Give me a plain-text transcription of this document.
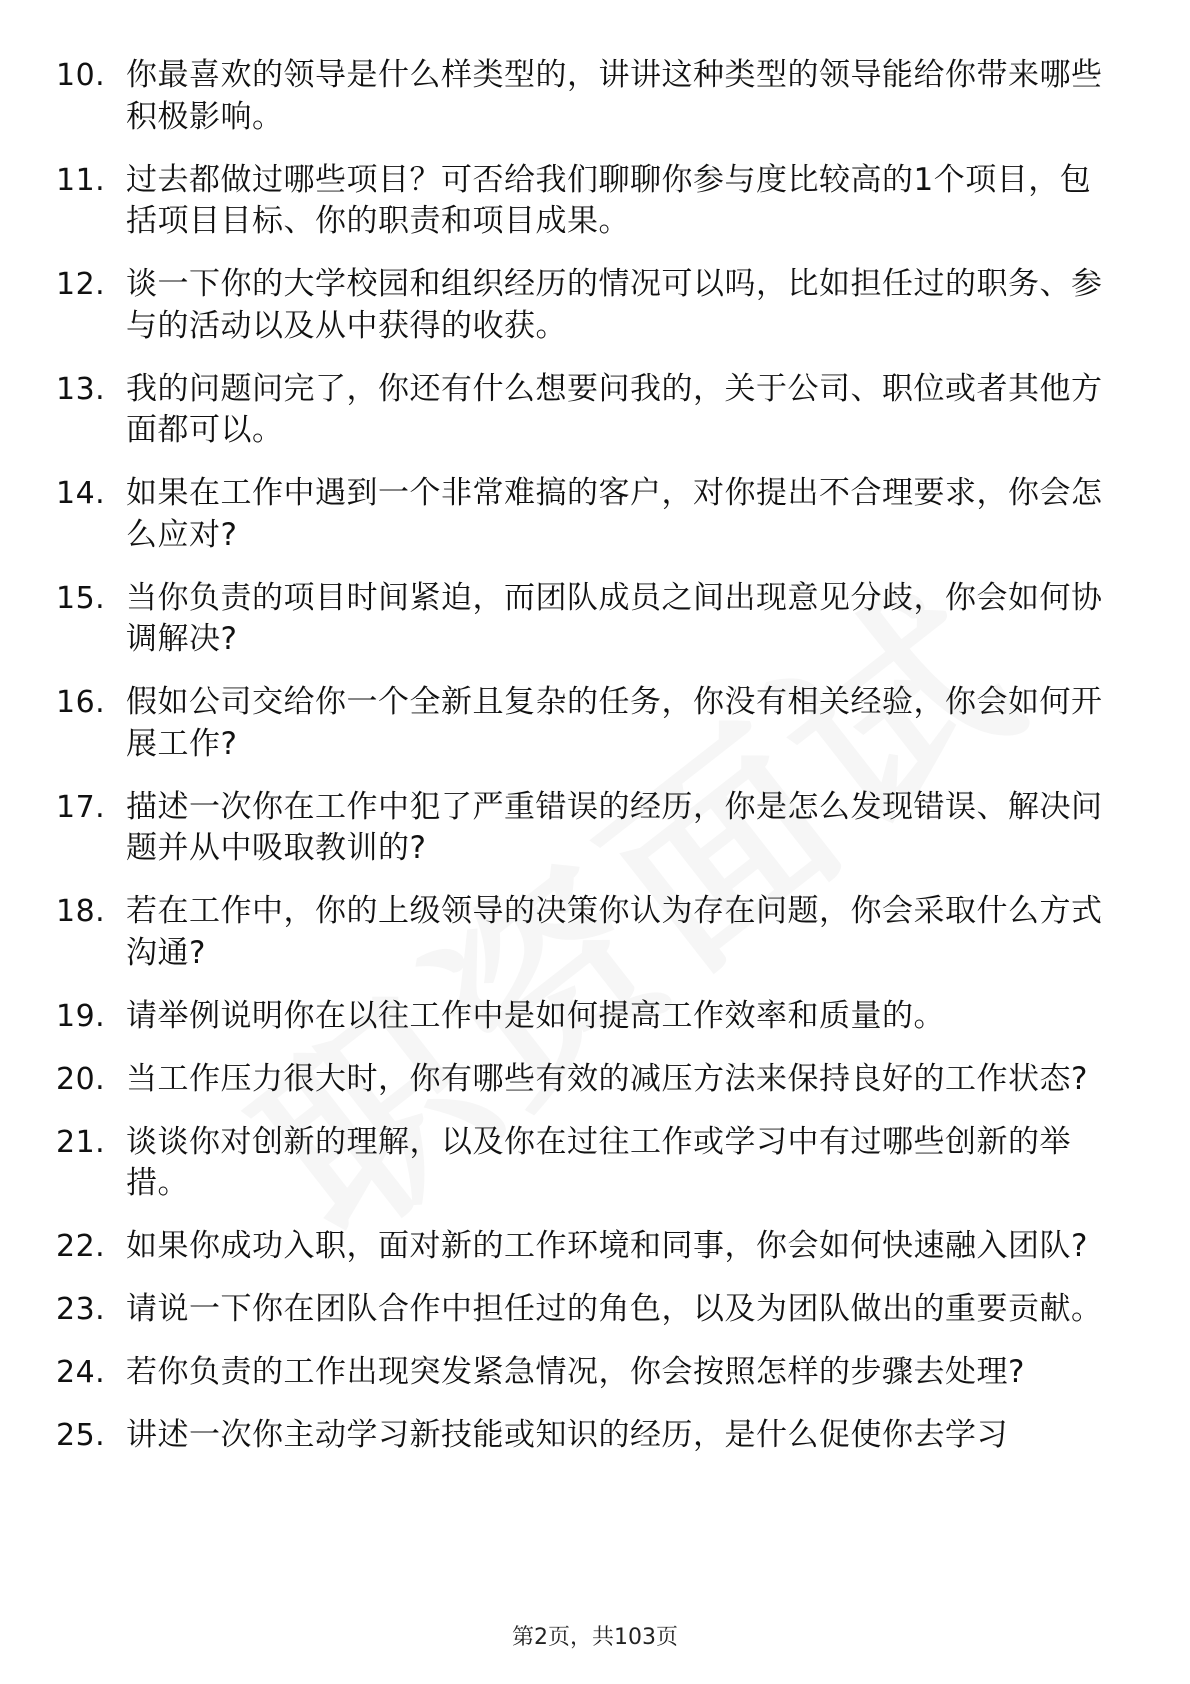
10. 你最喜欢的领导是什么样类型的，讲讲这种类型的领导能给你带来哪些积极影响。
11. 过去都做过哪些项目？可否给我们聊聊你参与度比较高的1个项目，包括项目目标、你的职责和项目成果。
12. 谈一下你的大学校园和组织经历的情况可以吗，比如担任过的职务、参与的活动以及从中获得的收获。
13. 我的问题问完了，你还有什么想要问我的，关于公司、职位或者其他方面都可以。
14. 如果在工作中遇到一个非常难搞的客户，对你提出不合理要求，你会怎么应对?
15. 当你负责的项目时间紧迫，而团队成员之间出现意见分歧，你会如何协调解决?
16. 假如公司交给你一个全新且复杂的任务，你没有相关经验，你会如何开展工作?
17. 描述一次你在工作中犯了严重错误的经历，你是怎么发现错误、解决问题并从中吸取教训的?
18. 若在工作中，你的上级领导的决策你认为存在问题，你会采取什么方式沟通?
19. 请举例说明你在以往工作中是如何提高工作效率和质量的。
20. 当工作压力很大时，你有哪些有效的减压方法来保持良好的工作状态?
21. 谈谈你对创新的理解，以及你在过往工作或学习中有过哪些创新的举措。
22. 如果你成功入职，面对新的工作环境和同事，你会如何快速融入团队?
23. 请说一下你在团队合作中担任过的角色，以及为团队做出的重要贡献。
24. 若你负责的工作出现突发紧急情况，你会按照怎样的步骤去处理?
25. 讲述一次你主动学习新技能或知识的经历，是什么促使你去学习
第2页，共103页
